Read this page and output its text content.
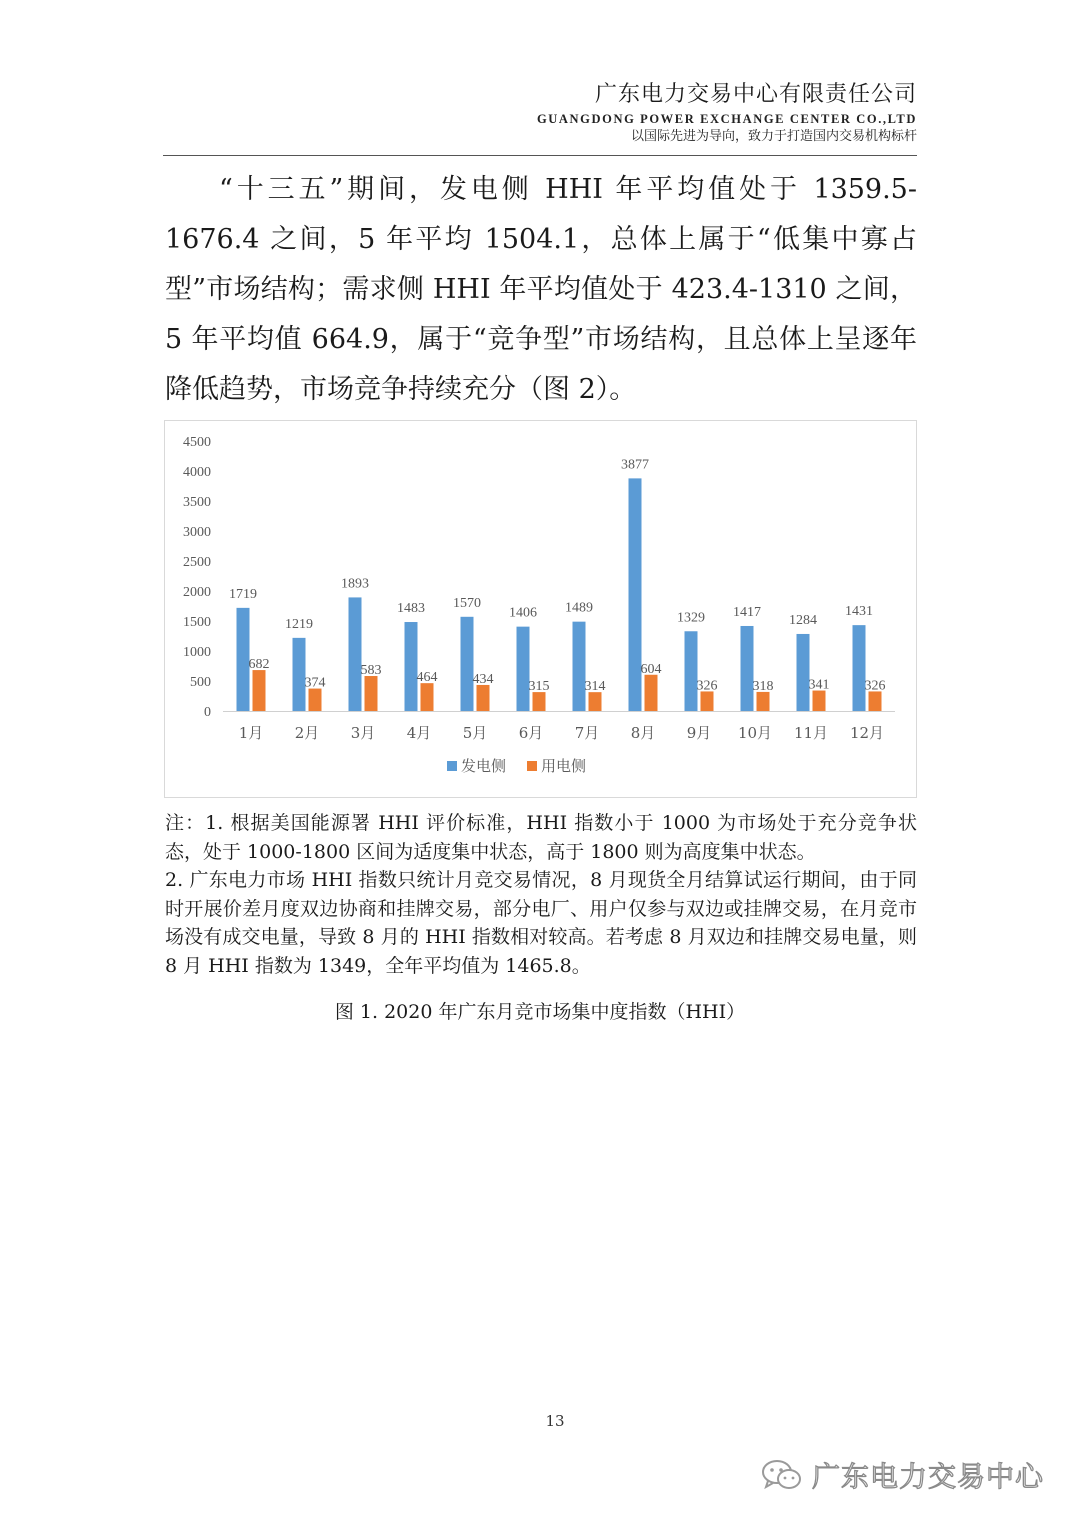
广东电力交易中心有限责任公司
GUANGDONG POWER EXCHANGE CENTER CO.,LTD
以国际先进为导向，致力于打造国内交易机构标杆
“十三五”期间，发电侧 HHI 年平均值处于 1359.5-1676.4 之间，5 年平均 1504.1，总体上属于“低集中寡占型”市场结构；需求侧 HHI 年平均值处于 423.4-1310 之间，5 年平均值 664.9，属于“竞争型”市场结构，且总体上呈逐年降低趋势，市场竞争持续充分（图 2）。
0
500
1000
1500
2000
2500
3000
3500
4000
4500
1719
682
1月
1219
374
2月
1893
583
3月
1483
464
4月
1570
434
5月
1406
315
6月
1489
314
7月
3877
604
8月
1329
326
9月
1417
318
10月
1284
341
11月
1431
326
12月
发电侧 用电侧

注：1. 根据美国能源署 HHI 评价标准，HHI 指数小于 1000 为市场处于充分竞争状态，处于 1000-1800 区间为适度集中状态，高于 1800 则为高度集中状态。

2. 广东电力市场 HHI 指数只统计月竞交易情况，8 月现货全月结算试运行期间，由于同时开展价差月度双边协商和挂牌交易，部分电厂、用户仅参与双边或挂牌交易，在月竞市场没有成交电量，导致 8 月的 HHI 指数相对较高。若考虑 8 月双边和挂牌交易电量，则 8 月 HHI 指数为 1349，全年平均值为 1465.8。

图 1. 2020 年广东月竞市场集中度指数（HHI）
13
广东电力交易中心
